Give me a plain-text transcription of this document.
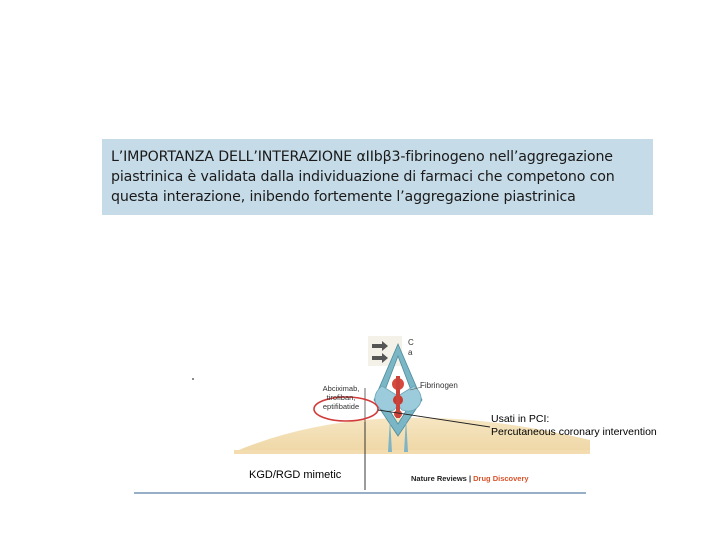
L’IMPORTANZA DELL’INTERAZIONE αIIbβ3-fibrinogeno nell’aggregazione

piastrinica è validata dalla individuazione di farmaci che competono con

questa interazione, inibendo fortemente l’aggregazione piastrinica

C
a
Fibrinogen
Abciximab,
tirofiban,
eptifibatide
Nature Reviews | Drug Discovery
Usati in PCI:
Percutaneous coronary intervention
KGD/RGD mimetic
